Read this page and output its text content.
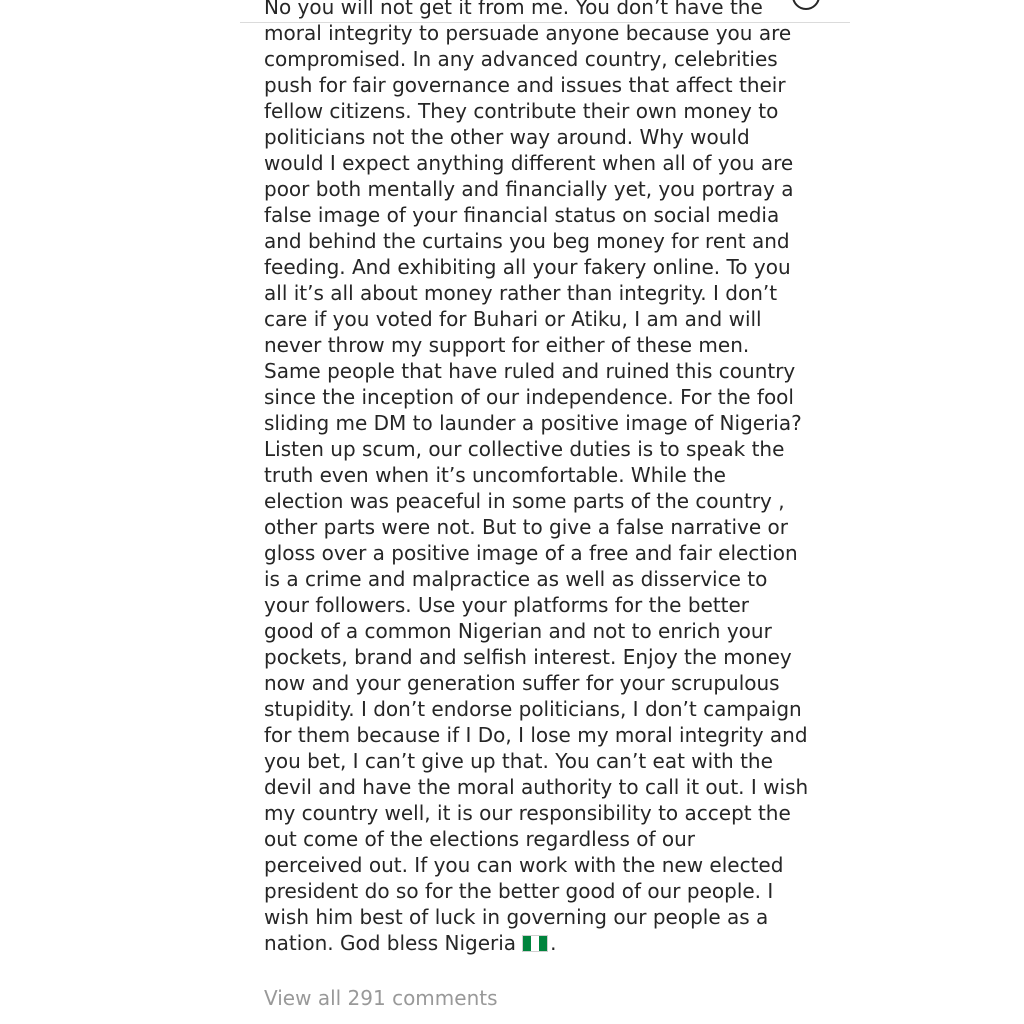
No you will not get it from me. You don’t have the
moral integrity to persuade anyone because you are
compromised. In any advanced country, celebrities
push for fair governance and issues that affect their
fellow citizens. They contribute their own money to
politicians not the other way around. Why would
would I expect anything different when all of you are
poor both mentally and financially yet, you portray a
false image of your financial status on social media
and behind the curtains you beg money for rent and
feeding. And exhibiting all your fakery online. To you
all it’s all about money rather than integrity. I don’t
care if you voted for Buhari or Atiku, I am and will
never throw my support for either of these men.
Same people that have ruled and ruined this country
since the inception of our independence. For the fool
sliding me DM to launder a positive image of Nigeria?
Listen up scum, our collective duties is to speak the
truth even when it’s uncomfortable. While the
election was peaceful in some parts of the country ,
other parts were not. But to give a false narrative or
gloss over a positive image of a free and fair election
is a crime and malpractice as well as disservice to
your followers. Use your platforms for the better
good of a common Nigerian and not to enrich your
pockets, brand and selfish interest. Enjoy the money
now and your generation suffer for your scrupulous
stupidity. I don’t endorse politicians, I don’t campaign
for them because if I Do, I lose my moral integrity and
you bet, I can’t give up that. You can’t eat with the
devil and have the moral authority to call it out. I wish
my country well, it is our responsibility to accept the
out come of the elections regardless of our
perceived out. If you can work with the new elected
president do so for the better good of our people. I
wish him best of luck in governing our people as a
nation. God bless Nigeria .
View all 291 comments
